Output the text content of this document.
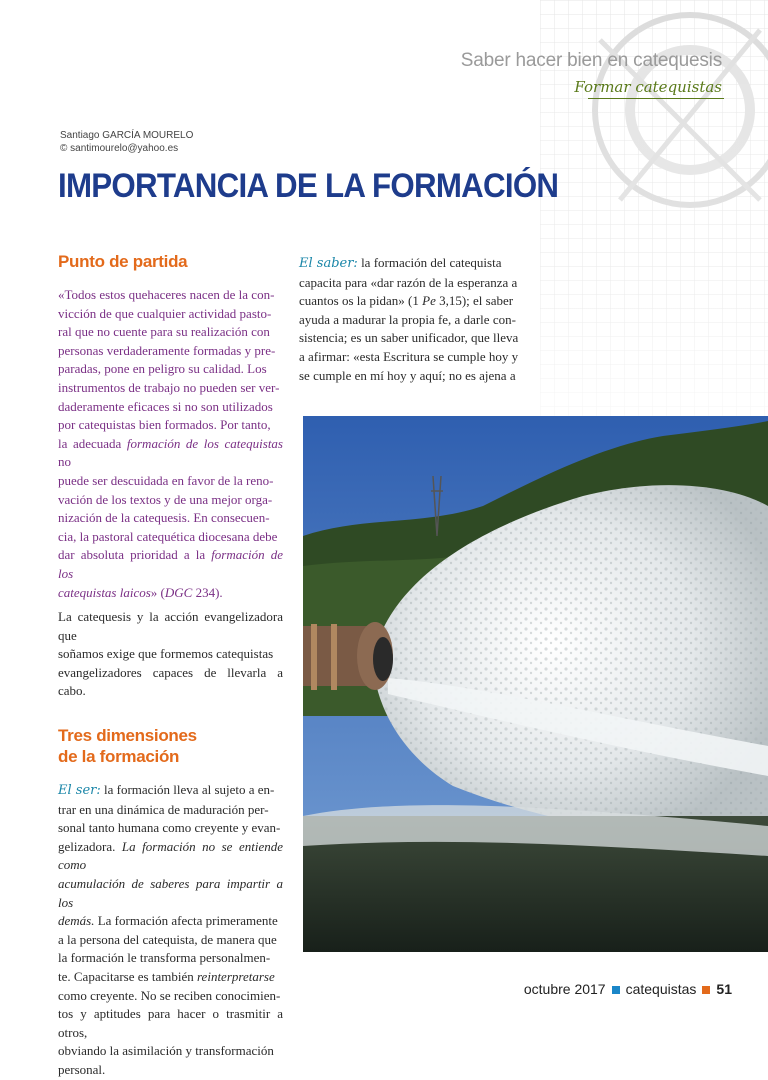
Saber hacer bien en catequesis
Formar catequistas
Santiago GARCÍA MOURELO
© santimourelo@yahoo.es
IMPORTANCIA DE LA FORMACIÓN
Punto de partida
«Todos estos quehaceres nacen de la con-
vicción de que cualquier actividad pasto-
ral que no cuente para su realización con
personas verdaderamente formadas y pre-
paradas, pone en peligro su calidad. Los
instrumentos de trabajo no pueden ser ver-
daderamente eficaces si no son utilizados
por catequistas bien formados. Por tanto,
la adecuada formación de los catequistas no
puede ser descuidada en favor de la reno-
vación de los textos y de una mejor orga-
nización de la catequesis. En consecuen-
cia, la pastoral catequética diocesana debe
dar absoluta prioridad a la formación de los
catequistas laicos» (DGC 234).
La catequesis y la acción evangelizadora que
soñamos exige que formemos catequistas
evangelizadores capaces de llevarla a cabo.
Tres dimensiones
de la formación
El ser: la formación lleva al sujeto a en-
trar en una dinámica de maduración per-
sonal tanto humana como creyente y evan-
gelizadora. La formación no se entiende como
acumulación de saberes para impartir a los
demás. La formación afecta primeramente
a la persona del catequista, de manera que
la formación le transforma personalmen-
te. Capacitarse es también reinterpretarse
como creyente. No se reciben conocimien-
tos y aptitudes para hacer o trasmitir a otros,
obviando la asimilación y transformación
personal.
El saber: la formación del catequista
capacita para «dar razón de la esperanza a
cuantos os la pidan» (1 Pe 3,15); el saber
ayuda a madurar la propia fe, a darle con-
sistencia; es un saber unificador, que lleva
a afirmar: «esta Escritura se cumple hoy y
se cumple en mí hoy y aquí; no es ajena a
octubre 2017 catequistas 51
